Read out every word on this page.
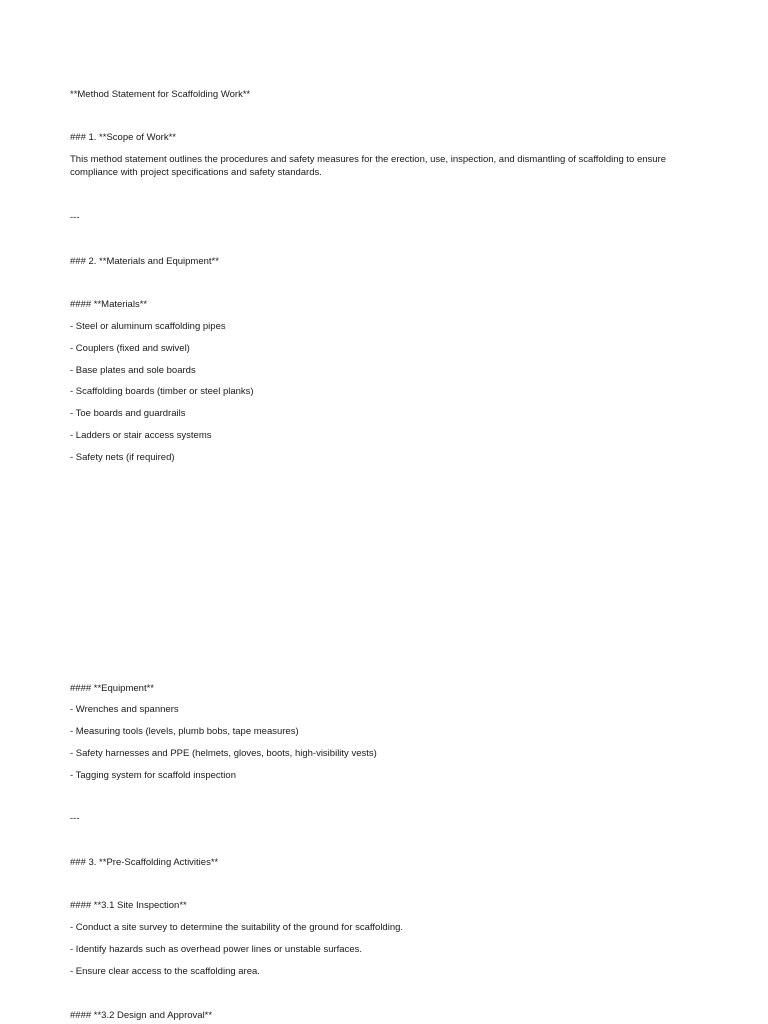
**Method Statement for Scaffolding Work**
### 1. **Scope of Work**
This method statement outlines the procedures and safety measures for the erection, use, inspection, and dismantling of scaffolding to ensure compliance with project specifications and safety standards.
---
### 2. **Materials and Equipment**
#### **Materials**
- Steel or aluminum scaffolding pipes
- Couplers (fixed and swivel)
- Base plates and sole boards
- Scaffolding boards (timber or steel planks)
- Toe boards and guardrails
- Ladders or stair access systems
- Safety nets (if required)
#### **Equipment**
- Wrenches and spanners
- Measuring tools (levels, plumb bobs, tape measures)
- Safety harnesses and PPE (helmets, gloves, boots, high-visibility vests)
- Tagging system for scaffold inspection
---
### 3. **Pre-Scaffolding Activities**
#### **3.1 Site Inspection**
- Conduct a site survey to determine the suitability of the ground for scaffolding.
- Identify hazards such as overhead power lines or unstable surfaces.
- Ensure clear access to the scaffolding area.
#### **3.2 Design and Approval**
